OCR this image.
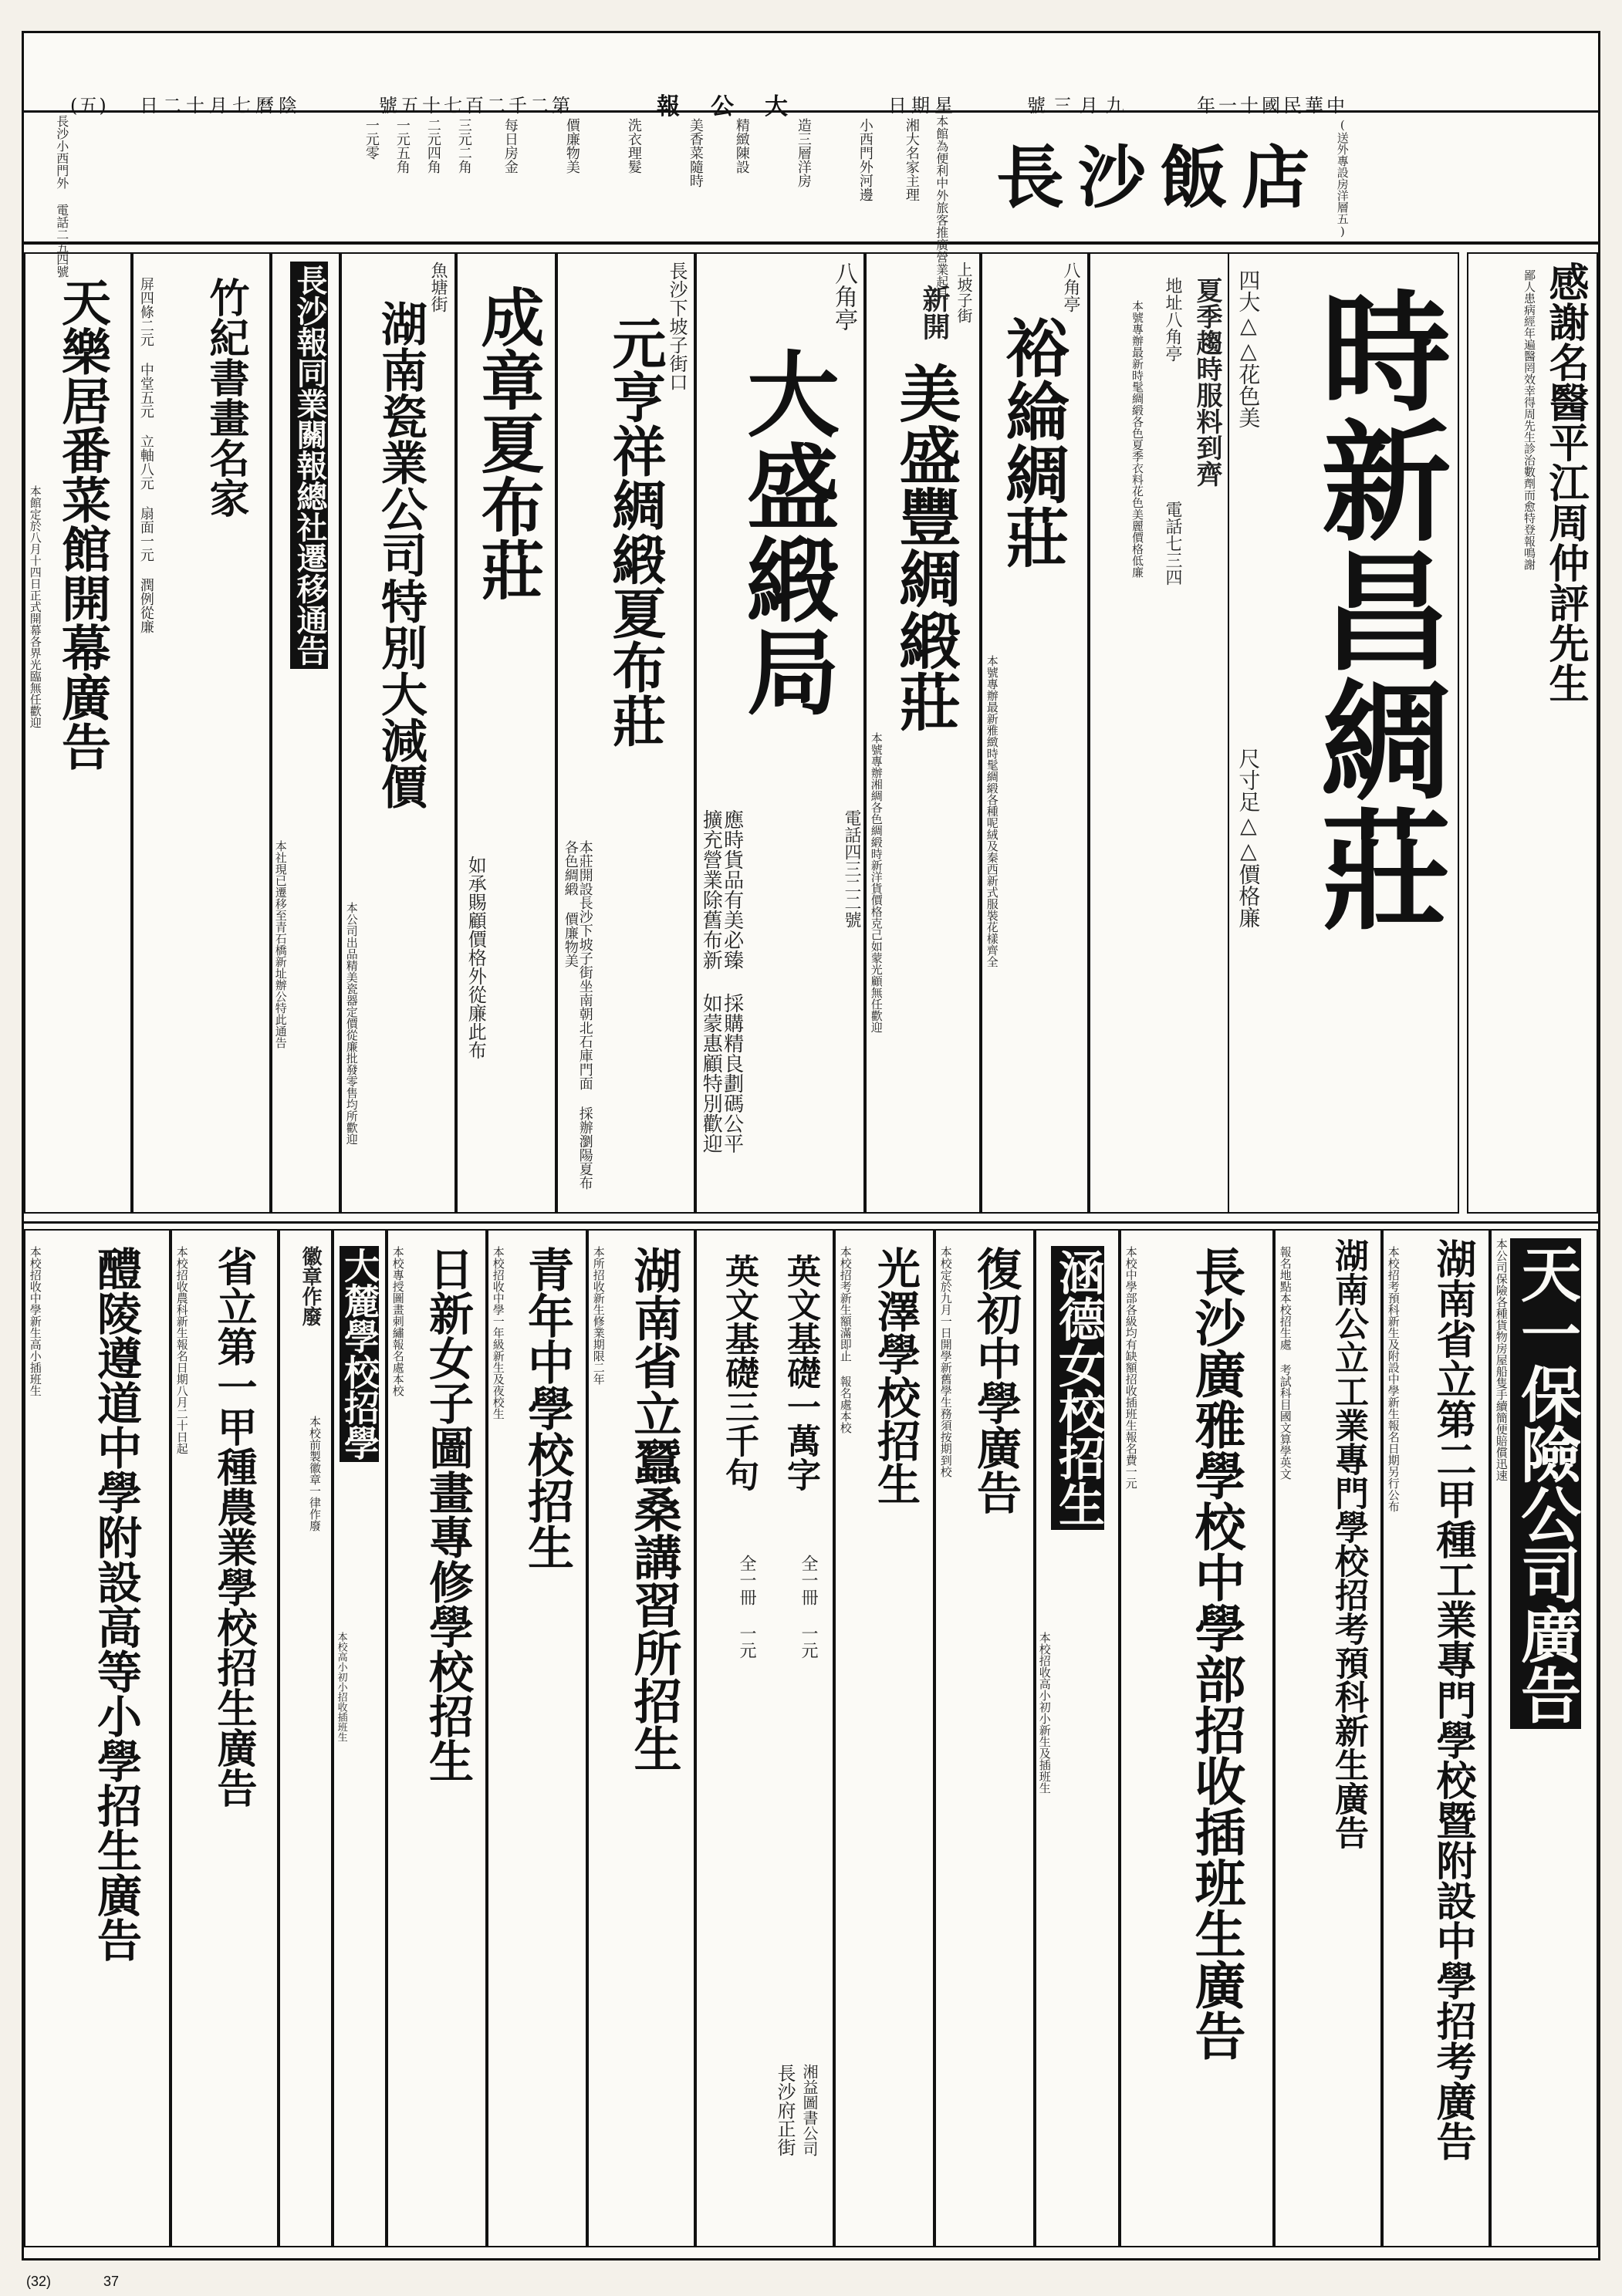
(五) 日二十月七曆陰	號五十七百二千二第	報公大	日期星	號三月九	年一十國民華中
長沙飯店 (送外專設房洋層五)
本館為便利中外旅客推廣營業起見
湘大名家主理
小西門外河邊
造三層洋房
精緻陳設
美香菜隨時
洗衣理髮
價廉物美
每日房金
三元二角
二元四角
一元五角
一元零
長沙小西門外 電話二五四號
感謝名醫平江周仲評先生
鄙人患病經年遍醫罔效幸得周先生診治數劑而愈特登報鳴謝
時新昌綢莊
四大△△花色美
尺寸足△△價格廉
夏季趨時服料到齊
地址八角亭
電話七三四
本號專辦最新時髦綢緞各色夏季衣料花色美麗價格低廉
八角亭
裕綸綢莊
本號專辦最新雅緻時髦綢緞各種呢絨及秦西新式服裝花樣齊全
上坡子街
新開
美盛豐綢緞莊
本號專辦湘綢各色綢緞時新洋貨價格克己如蒙光顧無任歡迎
八角亭
大盛緞局
電話四三二二號
應時貨品有美必臻 採購精良劃碼公平 擴充營業除舊布新 如蒙惠顧特別歡迎
長沙下坡子街口
元亨祥綢緞夏布莊
本莊開設長沙下坡子街坐南朝北石庫門面 採辦瀏陽夏布 各色綢緞 價廉物美
成章夏布莊
如承賜顧價格外從廉此布
魚塘街
湖南瓷業公司特別大減價
本公司出品精美瓷器定價從廉批發零售均所歡迎
長沙報同業關報總社遷移通告
本社現已遷移至青石橋新址辦公特此通告
竹紀書畫名家
屏四條二元 中堂五元 立軸八元 扇面一元 潤例從廉
天樂居番菜館開幕廣告
本館定於八月十四日正式開幕各界光臨無任歡迎
天一保險公司廣告
本公司保險各種貨物房屋船隻手續簡便賠償迅速
湖南省立第二甲種工業專門學校暨附設中學招考廣告
本校招考預科新生及附設中學新生報名日期另行公布
湖南公立工業專門學校招考預科新生廣告
報名地點本校招生處 考試科目國文算學英文
長沙廣雅學校中學部招收插班生廣告
本校中學部各級均有缺額招收插班生報名費一元
涵德女校招生
本校招收高小初小新生及插班生
復初中學廣告
本校定於九月一日開學新舊學生務須按期到校
光澤學校招生
本校招考新生額滿即止 報名處本校
英文基礎一萬字
全一冊 一元
英文基礎三千句
全一冊 一元
長沙府正街 湘益圖書公司
湖南省立蠶桑講習所招生
本所招收新生修業期限二年
青年中學校招生
本校招收中學一年級新生及夜校生
日新女子圖畫專修學校招生
本校專授圖畫刺繡報名處本校
大麓學校招學
本校高小初小招收插班生
徽章作廢
本校前製徽章一律作廢
省立第一甲種農業學校招生廣告
本校招收農科新生報名日期八月二十日起
醴陵遵道中學附設高等小學招生廣告
本校招收中學新生高小插班生
(32)	37
